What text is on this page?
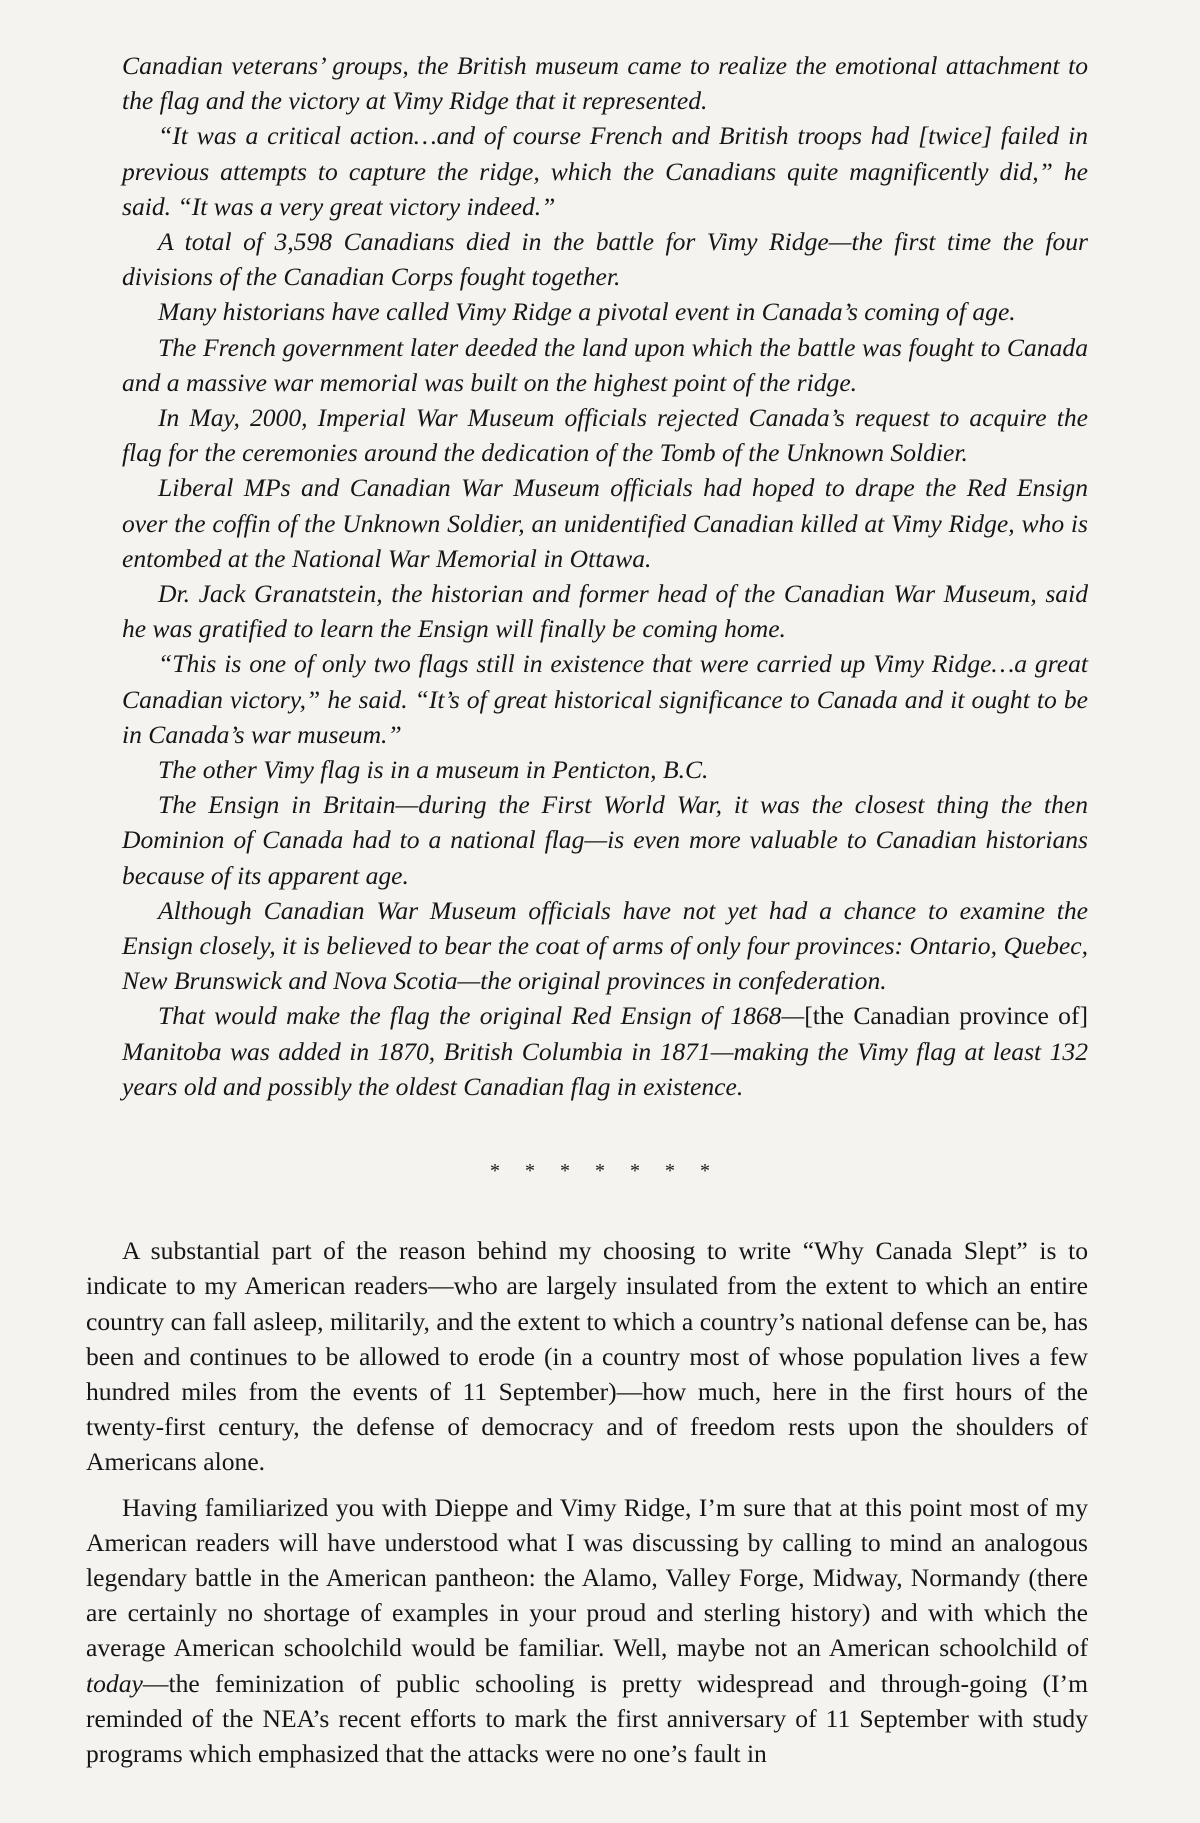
Canadian veterans’ groups, the British museum came to realize the emotional attachment to the flag and the victory at Vimy Ridge that it represented.

“It was a critical action…and of course French and British troops had [twice] failed in previous attempts to capture the ridge, which the Canadians quite magnificently did,” he said. “It was a very great victory indeed.”

A total of 3,598 Canadians died in the battle for Vimy Ridge—the first time the four divisions of the Canadian Corps fought together.

Many historians have called Vimy Ridge a pivotal event in Canada’s coming of age.

The French government later deeded the land upon which the battle was fought to Canada and a massive war memorial was built on the highest point of the ridge.

In May, 2000, Imperial War Museum officials rejected Canada’s request to acquire the flag for the ceremonies around the dedication of the Tomb of the Unknown Soldier.

Liberal MPs and Canadian War Museum officials had hoped to drape the Red Ensign over the coffin of the Unknown Soldier, an unidentified Canadian killed at Vimy Ridge, who is entombed at the National War Memorial in Ottawa.

Dr. Jack Granatstein, the historian and former head of the Canadian War Museum, said he was gratified to learn the Ensign will finally be coming home.

“This is one of only two flags still in existence that were carried up Vimy Ridge…a great Canadian victory,” he said. “It’s of great historical significance to Canada and it ought to be in Canada’s war museum.”

The other Vimy flag is in a museum in Penticton, B.C.

The Ensign in Britain—during the First World War, it was the closest thing the then Dominion of Canada had to a national flag—is even more valuable to Canadian historians because of its apparent age.

Although Canadian War Museum officials have not yet had a chance to examine the Ensign closely, it is believed to bear the coat of arms of only four provinces: Ontario, Quebec, New Brunswick and Nova Scotia—the original provinces in confederation.

That would make the flag the original Red Ensign of 1868—[the Canadian province of] Manitoba was added in 1870, British Columbia in 1871—making the Vimy flag at least 132 years old and possibly the oldest Canadian flag in existence.

* * * * * * *

A substantial part of the reason behind my choosing to write “Why Canada Slept” is to indicate to my American readers—who are largely insulated from the extent to which an entire country can fall asleep, militarily, and the extent to which a country’s national defense can be, has been and continues to be allowed to erode (in a country most of whose population lives a few hundred miles from the events of 11 September)—how much, here in the first hours of the twenty-first century, the defense of democracy and of freedom rests upon the shoulders of Americans alone.

Having familiarized you with Dieppe and Vimy Ridge, I’m sure that at this point most of my American readers will have understood what I was discussing by calling to mind an analogous legendary battle in the American pantheon: the Alamo, Valley Forge, Midway, Normandy (there are certainly no shortage of examples in your proud and sterling history) and with which the average American schoolchild would be familiar. Well, maybe not an American schoolchild of today—the feminization of public schooling is pretty widespread and through-going (I’m reminded of the NEA’s recent efforts to mark the first anniversary of 11 September with study programs which emphasized that the attacks were no one’s fault in
